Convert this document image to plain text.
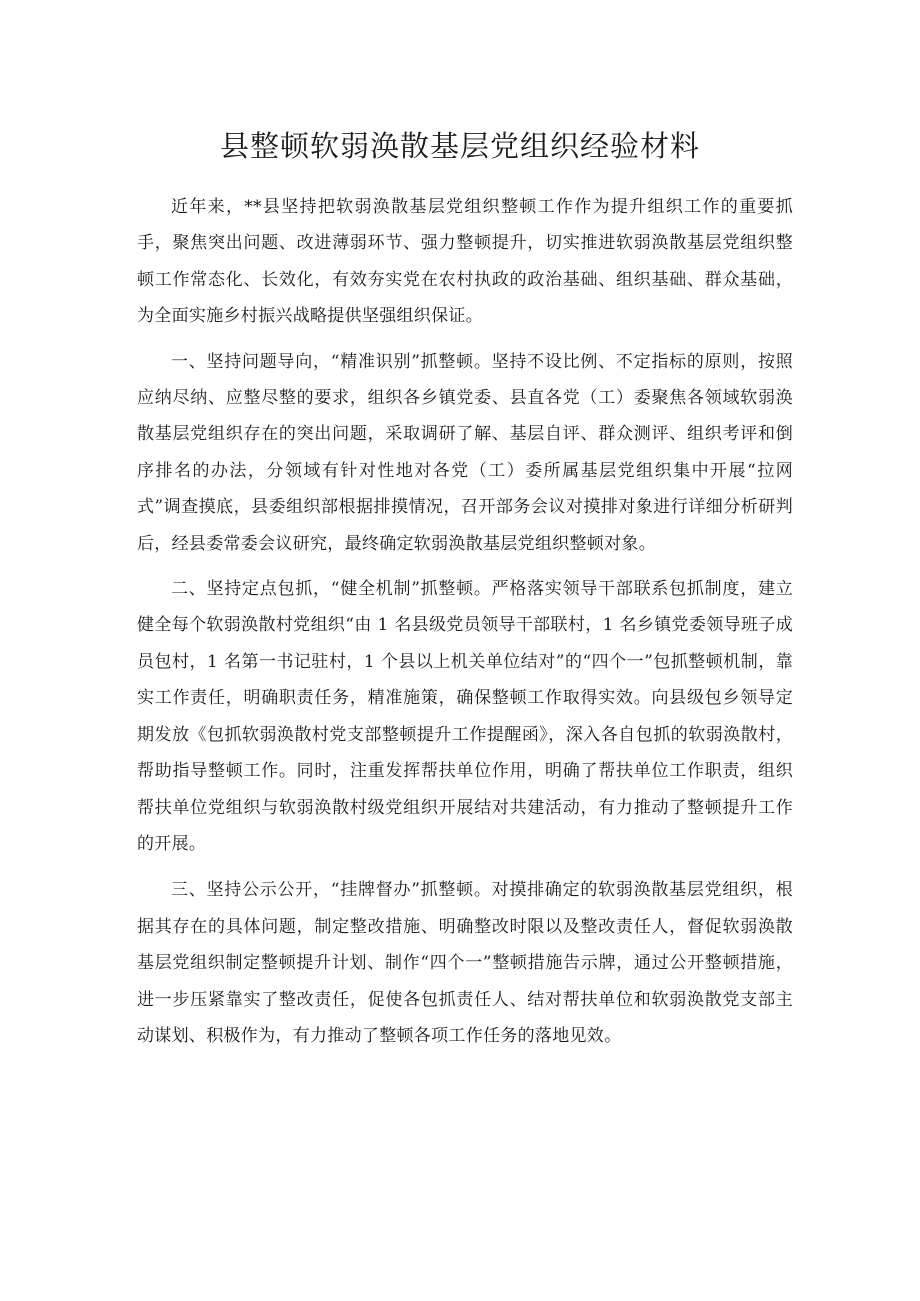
县整顿软弱涣散基层党组织经验材料

近年来，**县坚持把软弱涣散基层党组织整顿工作作为提升组织工作的重要抓手，聚焦突出问题、改进薄弱环节、强力整顿提升，切实推进软弱涣散基层党组织整顿工作常态化、长效化，有效夯实党在农村执政的政治基础、组织基础、群众基础，为全面实施乡村振兴战略提供坚强组织保证。

一、坚持问题导向，“精准识别”抓整顿。坚持不设比例、不定指标的原则，按照应纳尽纳、应整尽整的要求，组织各乡镇党委、县直各党（工）委聚焦各领域软弱涣散基层党组织存在的突出问题，采取调研了解、基层自评、群众测评、组织考评和倒序排名的办法，分领域有针对性地对各党（工）委所属基层党组织集中开展“拉网式”调查摸底，县委组织部根据排摸情况，召开部务会议对摸排对象进行详细分析研判后，经县委常委会议研究，最终确定软弱涣散基层党组织整顿对象。

二、坚持定点包抓，“健全机制”抓整顿。严格落实领导干部联系包抓制度，建立健全每个软弱涣散村党组织“由 1 名县级党员领导干部联村，1 名乡镇党委领导班子成员包村，1 名第一书记驻村，1 个县以上机关单位结对”的“四个一”包抓整顿机制，靠实工作责任，明确职责任务，精准施策，确保整顿工作取得实效。向县级包乡领导定期发放《包抓软弱涣散村党支部整顿提升工作提醒函》，深入各自包抓的软弱涣散村，帮助指导整顿工作。同时，注重发挥帮扶单位作用，明确了帮扶单位工作职责，组织帮扶单位党组织与软弱涣散村级党组织开展结对共建活动，有力推动了整顿提升工作的开展。

三、坚持公示公开，“挂牌督办”抓整顿。对摸排确定的软弱涣散基层党组织，根据其存在的具体问题，制定整改措施、明确整改时限以及整改责任人，督促软弱涣散基层党组织制定整顿提升计划、制作“四个一”整顿措施告示牌，通过公开整顿措施，进一步压紧靠实了整改责任，促使各包抓责任人、结对帮扶单位和软弱涣散党支部主动谋划、积极作为，有力推动了整顿各项工作任务的落地见效。
